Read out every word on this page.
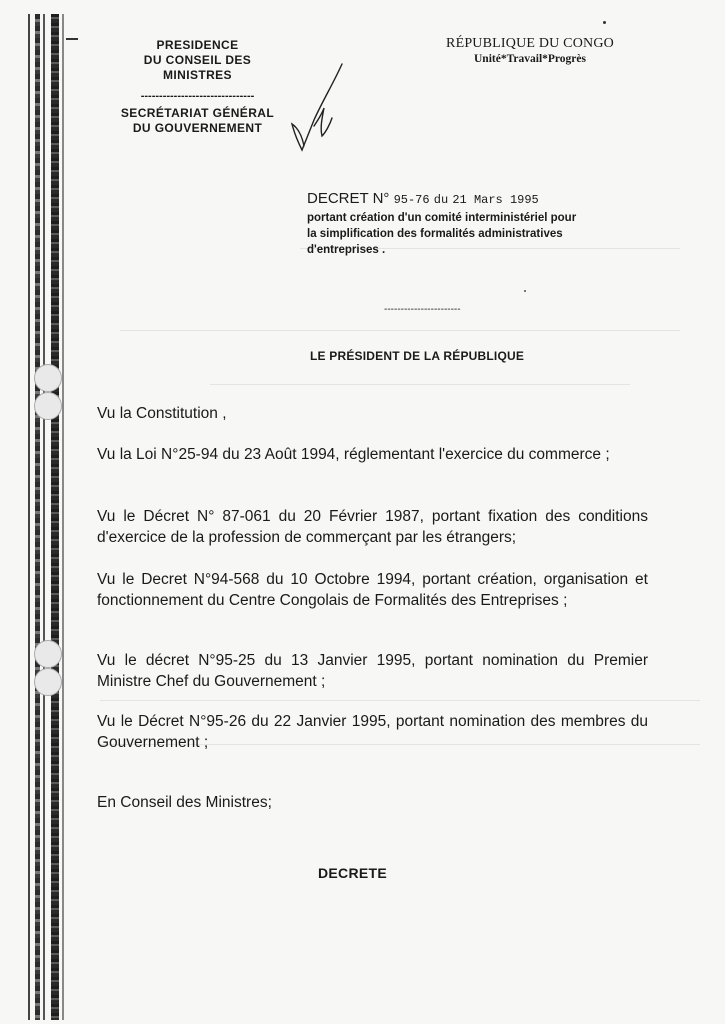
PRESIDENCE
DU CONSEIL DES
MINISTRES
-------------------------------
SECRÉTARIAT GÉNÉRAL
DU GOUVERNEMENT
RÉPUBLIQUE DU CONGO
Unité*Travail*Progrès
DECRET N° 95-76 du 21 Mars 1995
portant création d'un comité interministériel pour
la simplification des formalités administratives
d'entreprises .
-----------------------
LE PRÉSIDENT DE LA RÉPUBLIQUE

Vu la Constitution ,

Vu la Loi N°25-94 du 23 Août 1994, réglementant l'exercice du commerce ;

Vu le Décret N° 87-061 du 20 Février 1987, portant fixation des conditions d'exercice de la profession de commerçant par les étrangers;

Vu le Decret N°94-568 du 10 Octobre 1994, portant création, organisation et fonctionnement du Centre Congolais de Formalités des Entreprises ;

Vu le décret N°95-25 du 13 Janvier 1995, portant nomination du Premier Ministre Chef du Gouvernement ;

Vu le Décret N°95-26 du 22 Janvier 1995, portant nomination des membres du Gouvernement ;

En Conseil des Ministres;

DECRETE
